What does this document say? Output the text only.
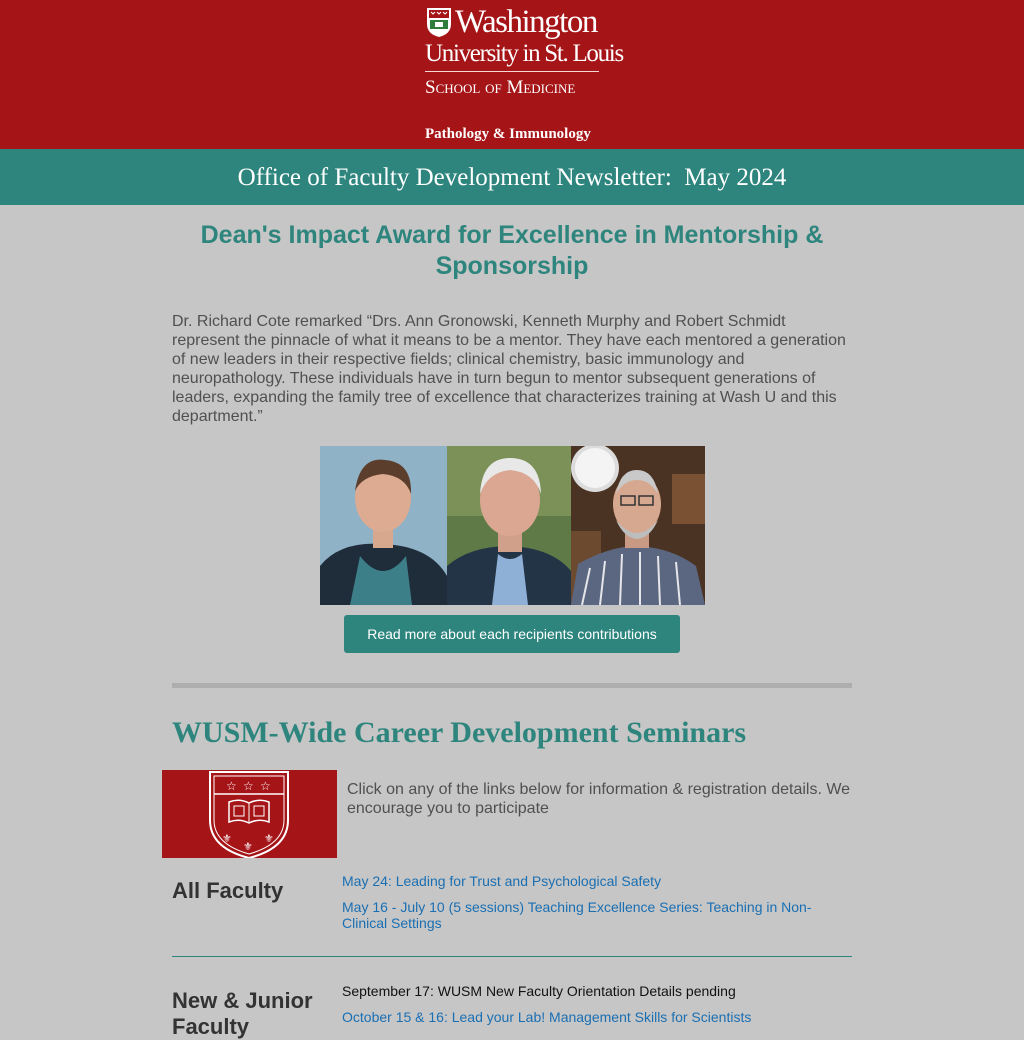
Washington
University in St. Louis
School of Medicine
Pathology & Immunology
Office of Faculty Development Newsletter:  May 2024
Dean's Impact Award for Excellence in Mentorship & Sponsorship
Dr. Richard Cote remarked “Drs. Ann Gronowski, Kenneth Murphy and Robert Schmidt represent the pinnacle of what it means to be a mentor. They have each mentored a generation of new leaders in their respective fields; clinical chemistry, basic immunology and neuropathology. These individuals have in turn begun to mentor subsequent generations of leaders, expanding the family tree of excellence that characterizes training at Wash U and this department.”
Read more about each recipients contributions
WUSM-Wide Career Development Seminars
☆ ☆ ☆
⚜
⚜
⚜
Click on any of the links below for information & registration details. We encourage you to participate
All Faculty	May 24: Leading for Trust and Psychological Safety
May 16 - July 10 (5 sessions) Teaching Excellence Series: Teaching in Non-Clinical Settings
New & Junior Faculty
September 17: WUSM New Faculty Orientation Details pending
October 15 & 16: Lead your Lab! Management Skills for Scientists
